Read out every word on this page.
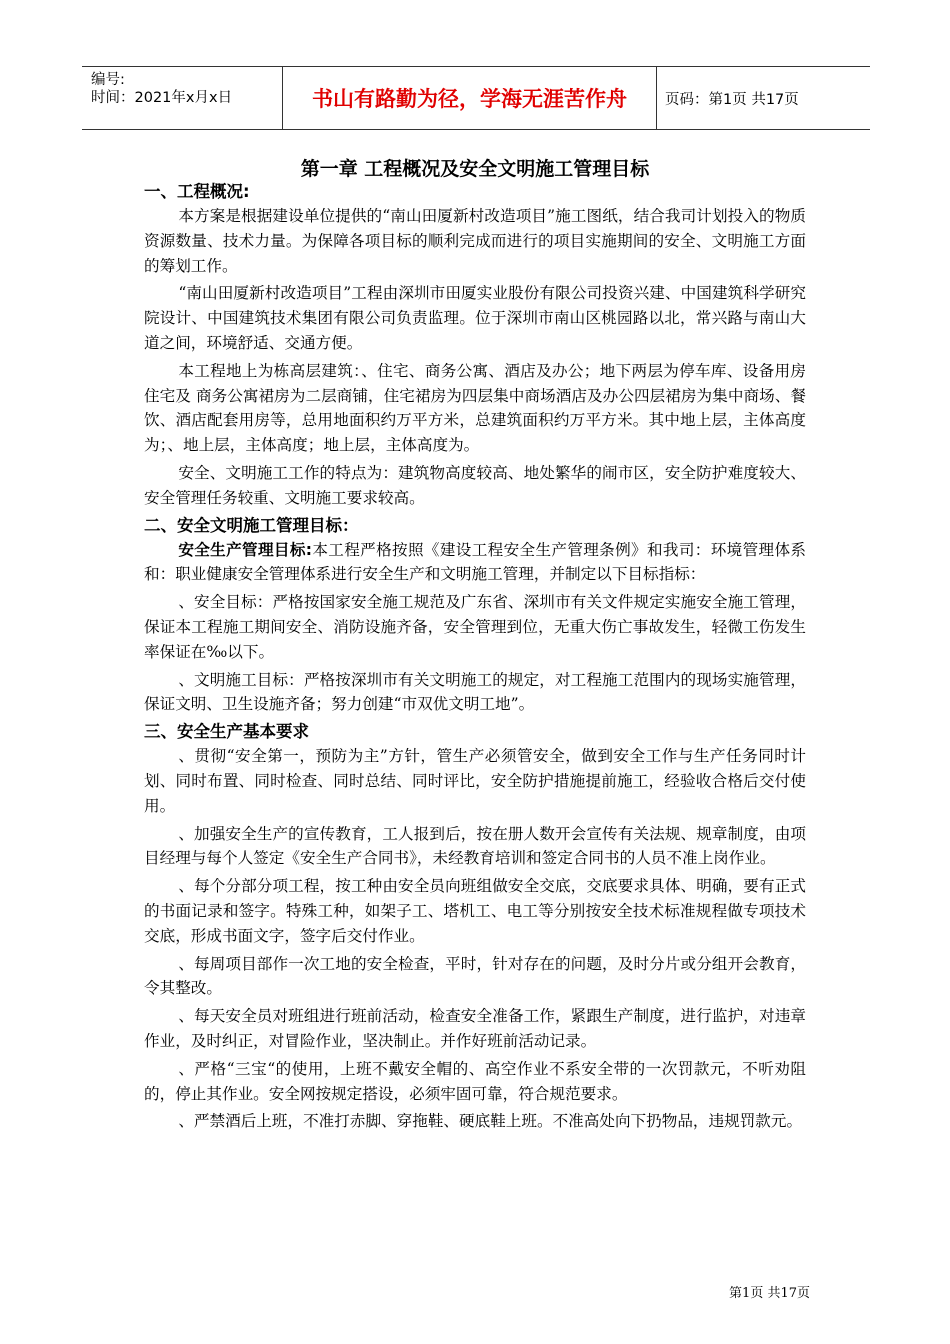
编号:
时间：2021年x月x日	书山有路勤为径，学海无涯苦作舟	页码：第1页 共17页
第一章 工程概况及安全文明施工管理目标
一、工程概况:

本方案是根据建设单位提供的“南山田厦新村改造项目”施工图纸，结合我司计划投入的物质资源数量、技术力量。为保障各项目标的顺利完成而进行的项目实施期间的安全、文明施工方面的筹划工作。

“南山田厦新村改造项目”工程由深圳市田厦实业股份有限公司投资兴建、中国建筑科学研究院设计、中国建筑技术集团有限公司负责监理。位于深圳市南山区桃园路以北，常兴路与南山大道之间，环境舒适、交通方便。

本工程地上为栋高层建筑：、住宅、商务公寓、酒店及办公；地下两层为停车库、设备用房 住宅及 商务公寓裙房为二层商铺，住宅裙房为四层集中商场酒店及办公四层裙房为集中商场、餐饮、酒店配套用房等，总用地面积约万平方米，总建筑面积约万平方米。其中地上层，主体高度为；、地上层，主体高度；地上层，主体高度为。

安全、文明施工工作的特点为：建筑物高度较高、地处繁华的闹市区，安全防护难度较大、安全管理任务较重、文明施工要求较高。

二、安全文明施工管理目标：

安全生产管理目标:本工程严格按照《建设工程安全生产管理条例》和我司：环境管理体系和：职业健康安全管理体系进行安全生产和文明施工管理，并制定以下目标指标：

、安全目标：严格按国家安全施工规范及广东省、深圳市有关文件规定实施安全施工管理，保证本工程施工期间安全、消防设施齐备，安全管理到位，无重大伤亡事故发生，轻微工伤发生率保证在‰以下。

、文明施工目标：严格按深圳市有关文明施工的规定，对工程施工范围内的现场实施管理，保证文明、卫生设施齐备；努力创建“市双优文明工地”。

三、安全生产基本要求

、贯彻“安全第一，预防为主”方针，管生产必须管安全，做到安全工作与生产任务同时计划、同时布置、同时检查、同时总结、同时评比，安全防护措施提前施工，经验收合格后交付使用。

、加强安全生产的宣传教育，工人报到后，按在册人数开会宣传有关法规、规章制度，由项目经理与每个人签定《安全生产合同书》，未经教育培训和签定合同书的人员不准上岗作业。

、每个分部分项工程，按工种由安全员向班组做安全交底，交底要求具体、明确，要有正式的书面记录和签字。特殊工种，如架子工、塔机工、电工等分别按安全技术标准规程做专项技术交底，形成书面文字，签字后交付作业。

、每周项目部作一次工地的安全检查，平时，针对存在的问题，及时分片或分组开会教育，令其整改。

、每天安全员对班组进行班前活动，检查安全准备工作，紧跟生产制度，进行监护，对违章作业，及时纠正，对冒险作业，坚决制止。并作好班前活动记录。

、严格“三宝“的使用，上班不戴安全帽的、高空作业不系安全带的一次罚款元，不听劝阻的，停止其作业。安全网按规定搭设，必须牢固可靠，符合规范要求。

、严禁酒后上班，不准打赤脚、穿拖鞋、硬底鞋上班。不准高处向下扔物品，违规罚款元。

第1页 共17页
